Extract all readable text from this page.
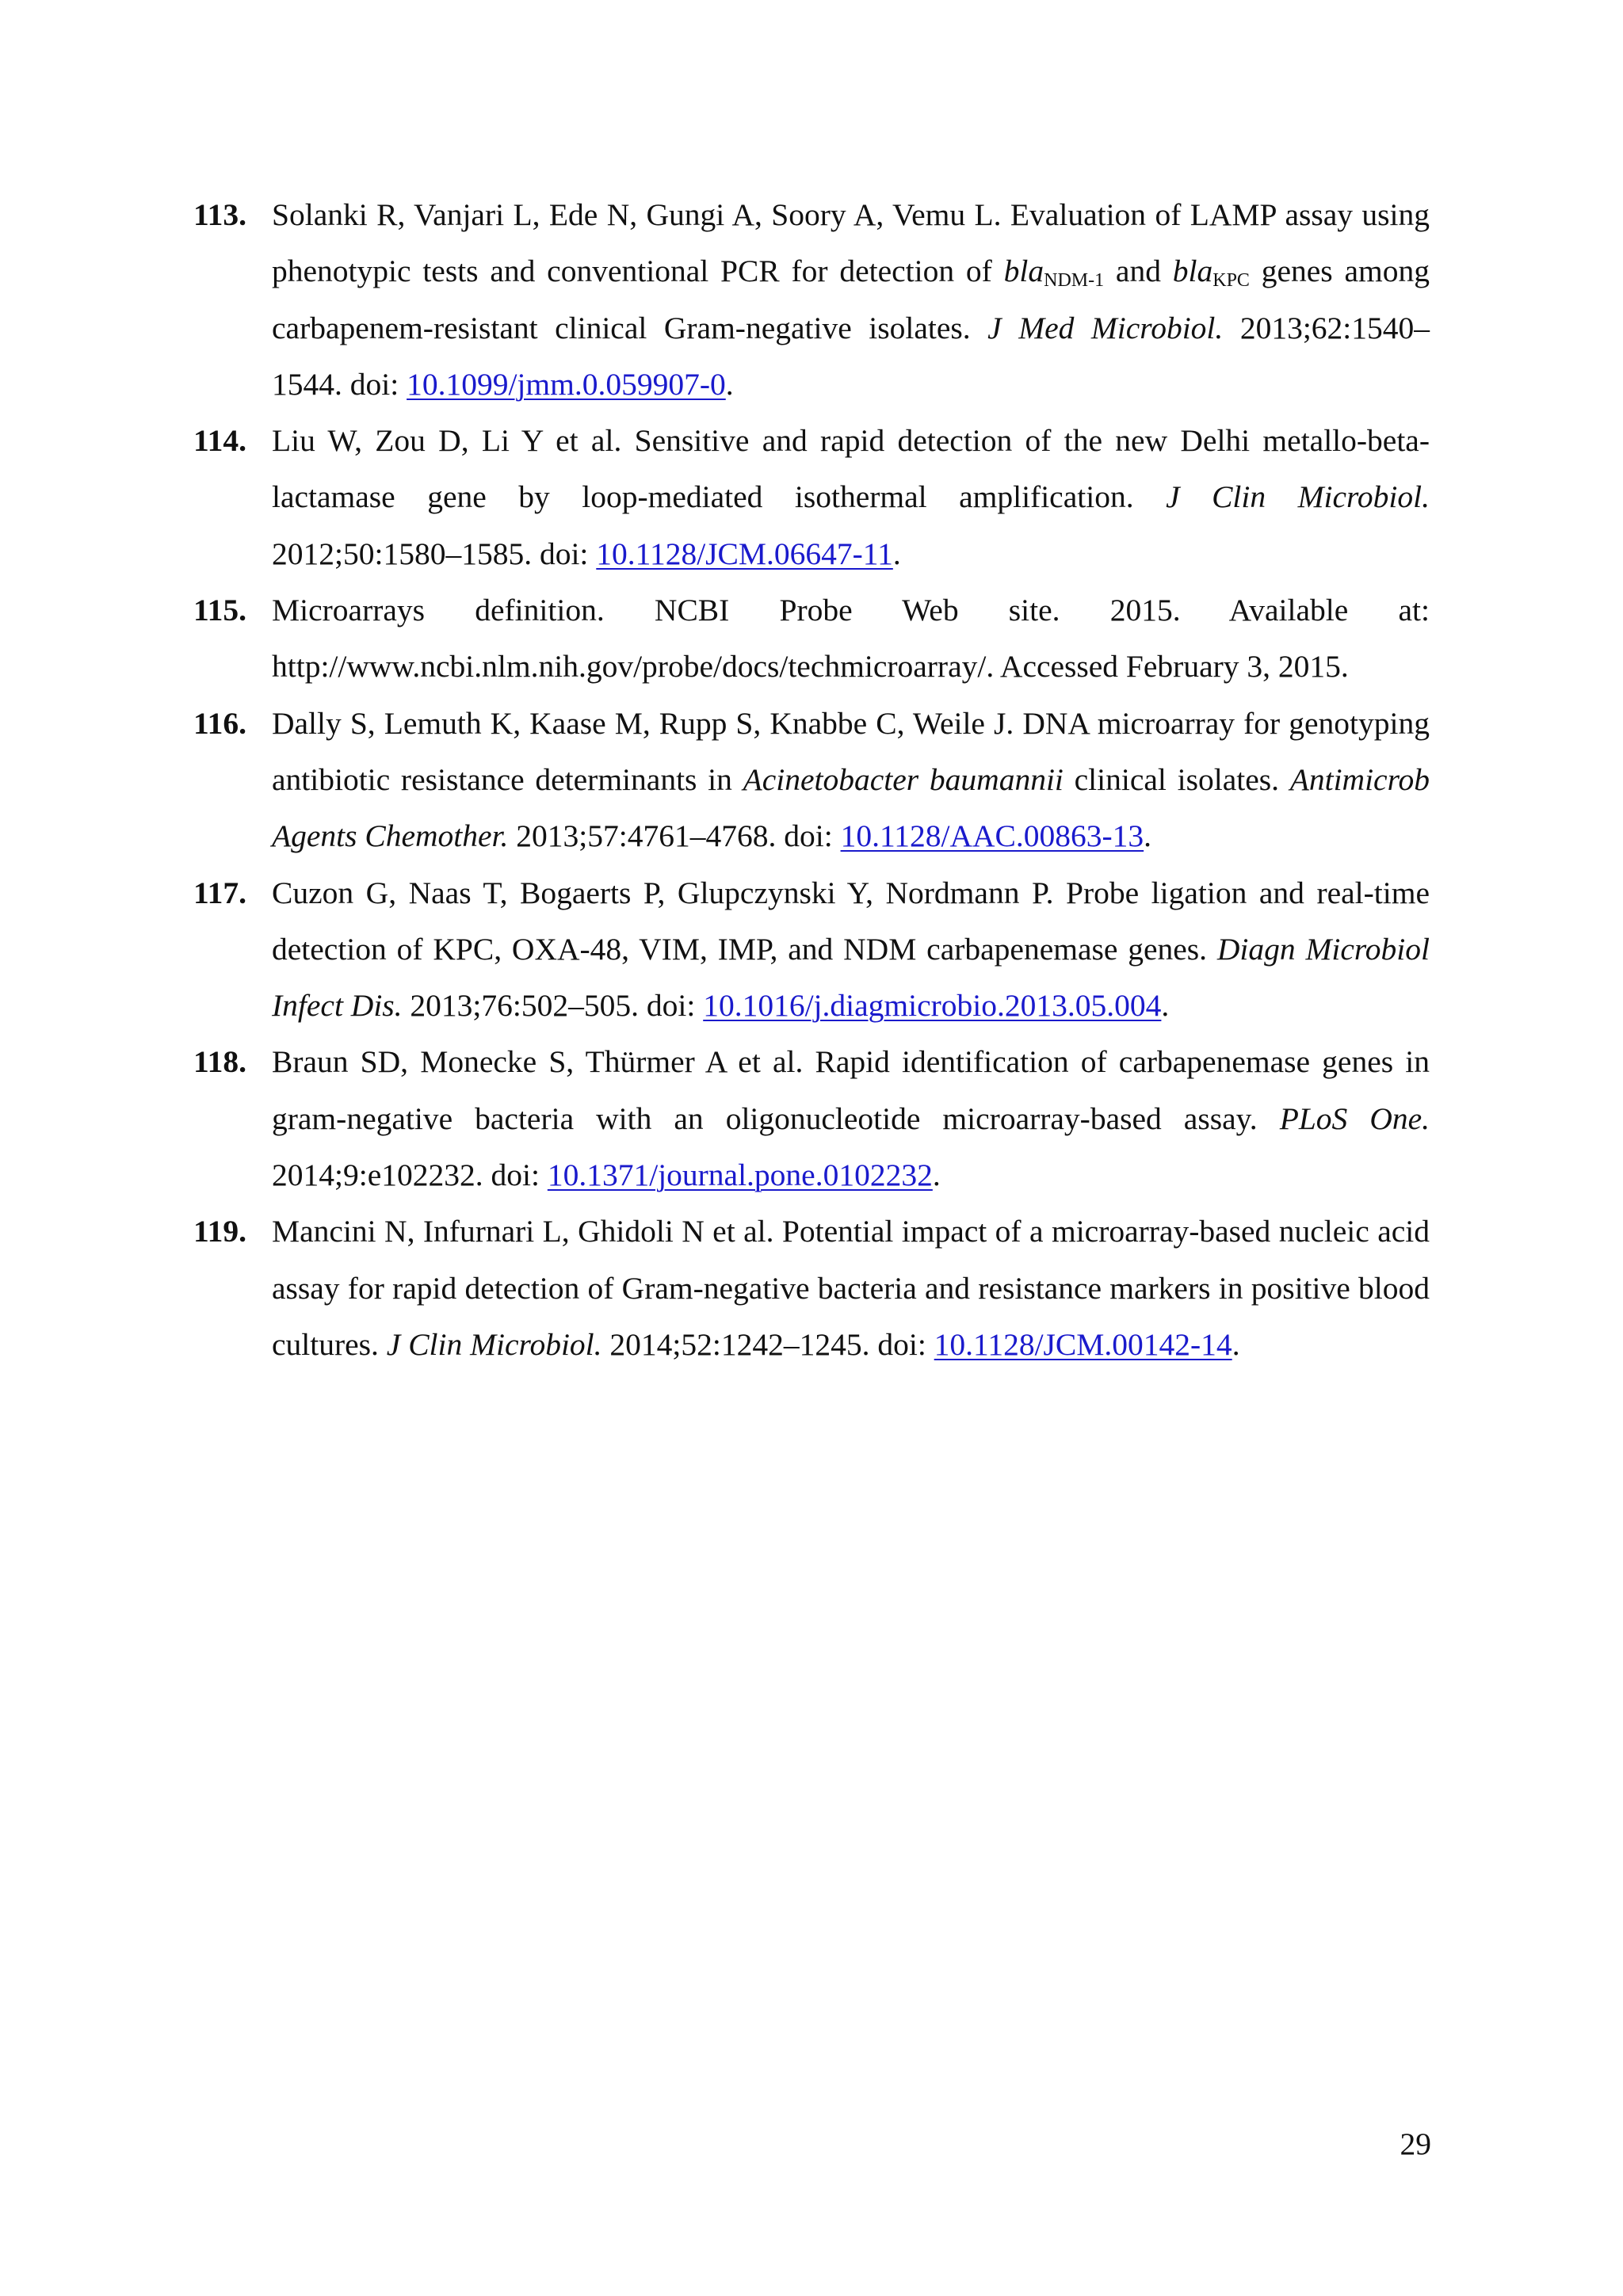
113. Solanki R, Vanjari L, Ede N, Gungi A, Soory A, Vemu L. Evaluation of LAMP assay using phenotypic tests and conventional PCR for detection of bla$_{NDM-1}$ and bla$_{KPC}$ genes among carbapenem-resistant clinical Gram-negative isolates. J Med Microbiol. 2013;62:1540–1544. doi: 10.1099/jmm.0.059907-0.
114. Liu W, Zou D, Li Y et al. Sensitive and rapid detection of the new Delhi metallo-beta-lactamase gene by loop-mediated isothermal amplification. J Clin Microbiol. 2012;50:1580–1585. doi: 10.1128/JCM.06647-11.
115. Microarrays definition. NCBI Probe Web site. 2015. Available at: http://www.ncbi.nlm.nih.gov/probe/docs/techmicroarray/. Accessed February 3, 2015.
116. Dally S, Lemuth K, Kaase M, Rupp S, Knabbe C, Weile J. DNA microarray for genotyping antibiotic resistance determinants in Acinetobacter baumannii clinical isolates. Antimicrob Agents Chemother. 2013;57:4761–4768. doi: 10.1128/AAC.00863-13.
117. Cuzon G, Naas T, Bogaerts P, Glupczynski Y, Nordmann P. Probe ligation and real-time detection of KPC, OXA-48, VIM, IMP, and NDM carbapenemase genes. Diagn Microbiol Infect Dis. 2013;76:502–505. doi: 10.1016/j.diagmicrobio.2013.05.004.
118. Braun SD, Monecke S, Thürmer A et al. Rapid identification of carbapenemase genes in gram-negative bacteria with an oligonucleotide microarray-based assay. PLoS One. 2014;9:e102232. doi: 10.1371/journal.pone.0102232.
119. Mancini N, Infurnari L, Ghidoli N et al. Potential impact of a microarray-based nucleic acid assay for rapid detection of Gram-negative bacteria and resistance markers in positive blood cultures. J Clin Microbiol. 2014;52:1242–1245. doi: 10.1128/JCM.00142-14.
29
